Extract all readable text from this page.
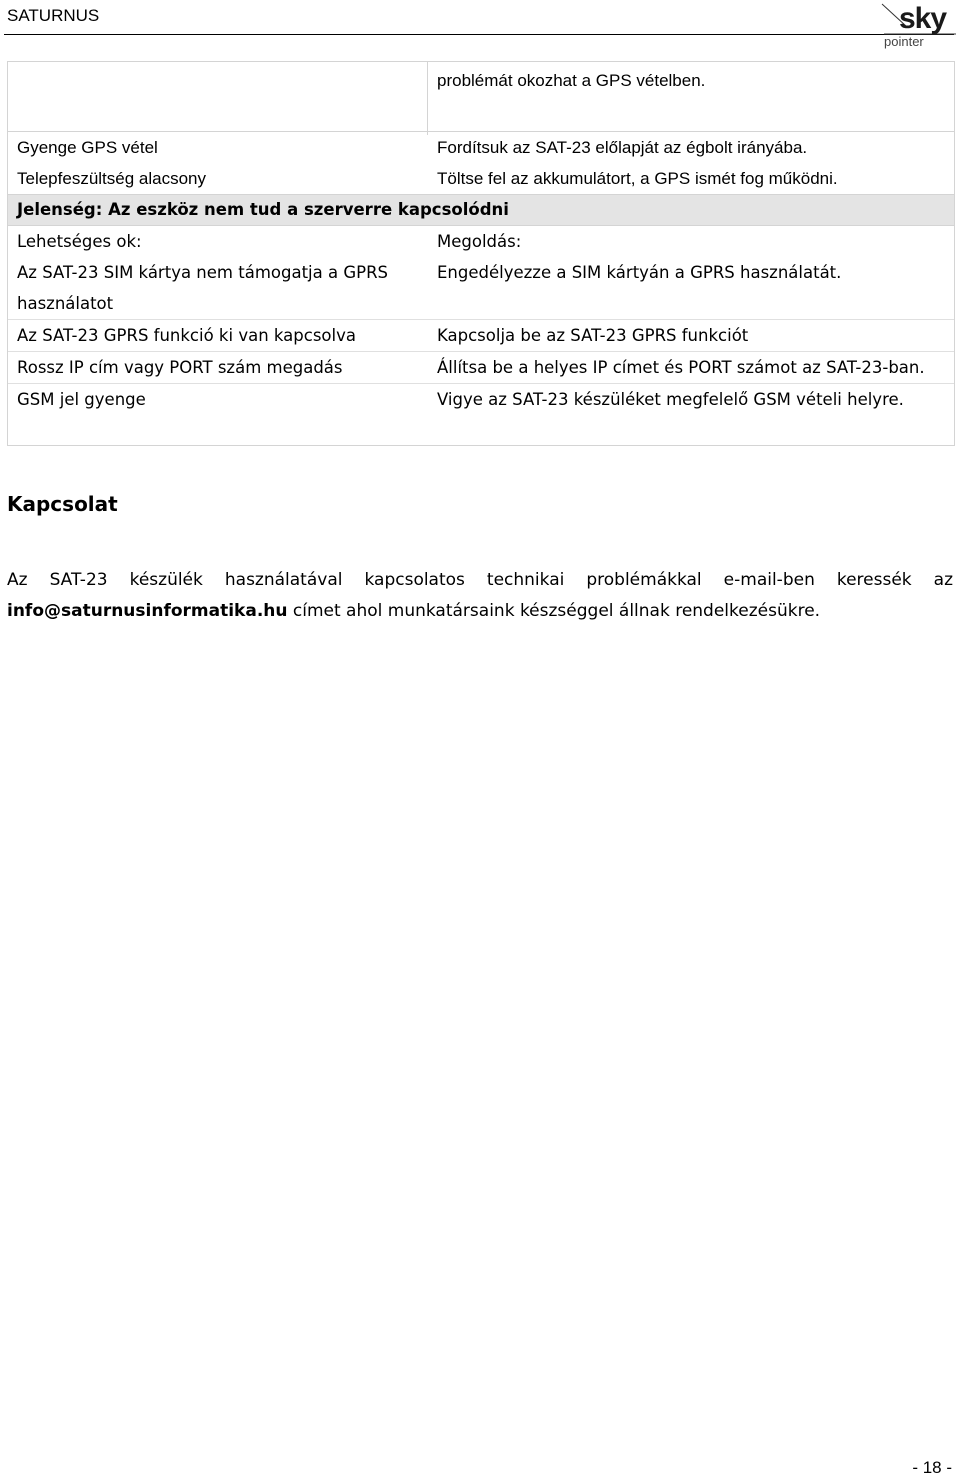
SATURNUS	sky
pointer
	problémát okozhat a GPS vételben.
Gyenge GPS vétel	Fordítsuk az SAT-23 előlapját az égbolt irányába.
Telepfeszültség alacsony	Töltse fel az akkumulátort, a GPS ismét fog működni.
Jelenség: Az eszköz nem tud a szerverre kapcsolódni	
Lehetséges ok:	Megoldás:
Az SAT-23 SIM kártya nem támogatja a GPRS használatot	Engedélyezze a SIM kártyán a GPRS használatát.
Az SAT-23 GPRS funkció ki van kapcsolva	Kapcsolja be az SAT-23 GPRS funkciót
Rossz IP cím vagy PORT szám megadás	Állítsa be a helyes IP címet és PORT számot az SAT-23-ban.
GSM jel gyenge	Vigye az SAT-23 készüléket megfelelő GSM vételi helyre.
Kapcsolat

Az SAT-23 készülék használatával kapcsolatos technikai problémákkal e-mail-ben keressék az
info@saturnusinformatika.hu címet ahol munkatársaink készséggel állnak rendelkezésükre.

- 18 -
